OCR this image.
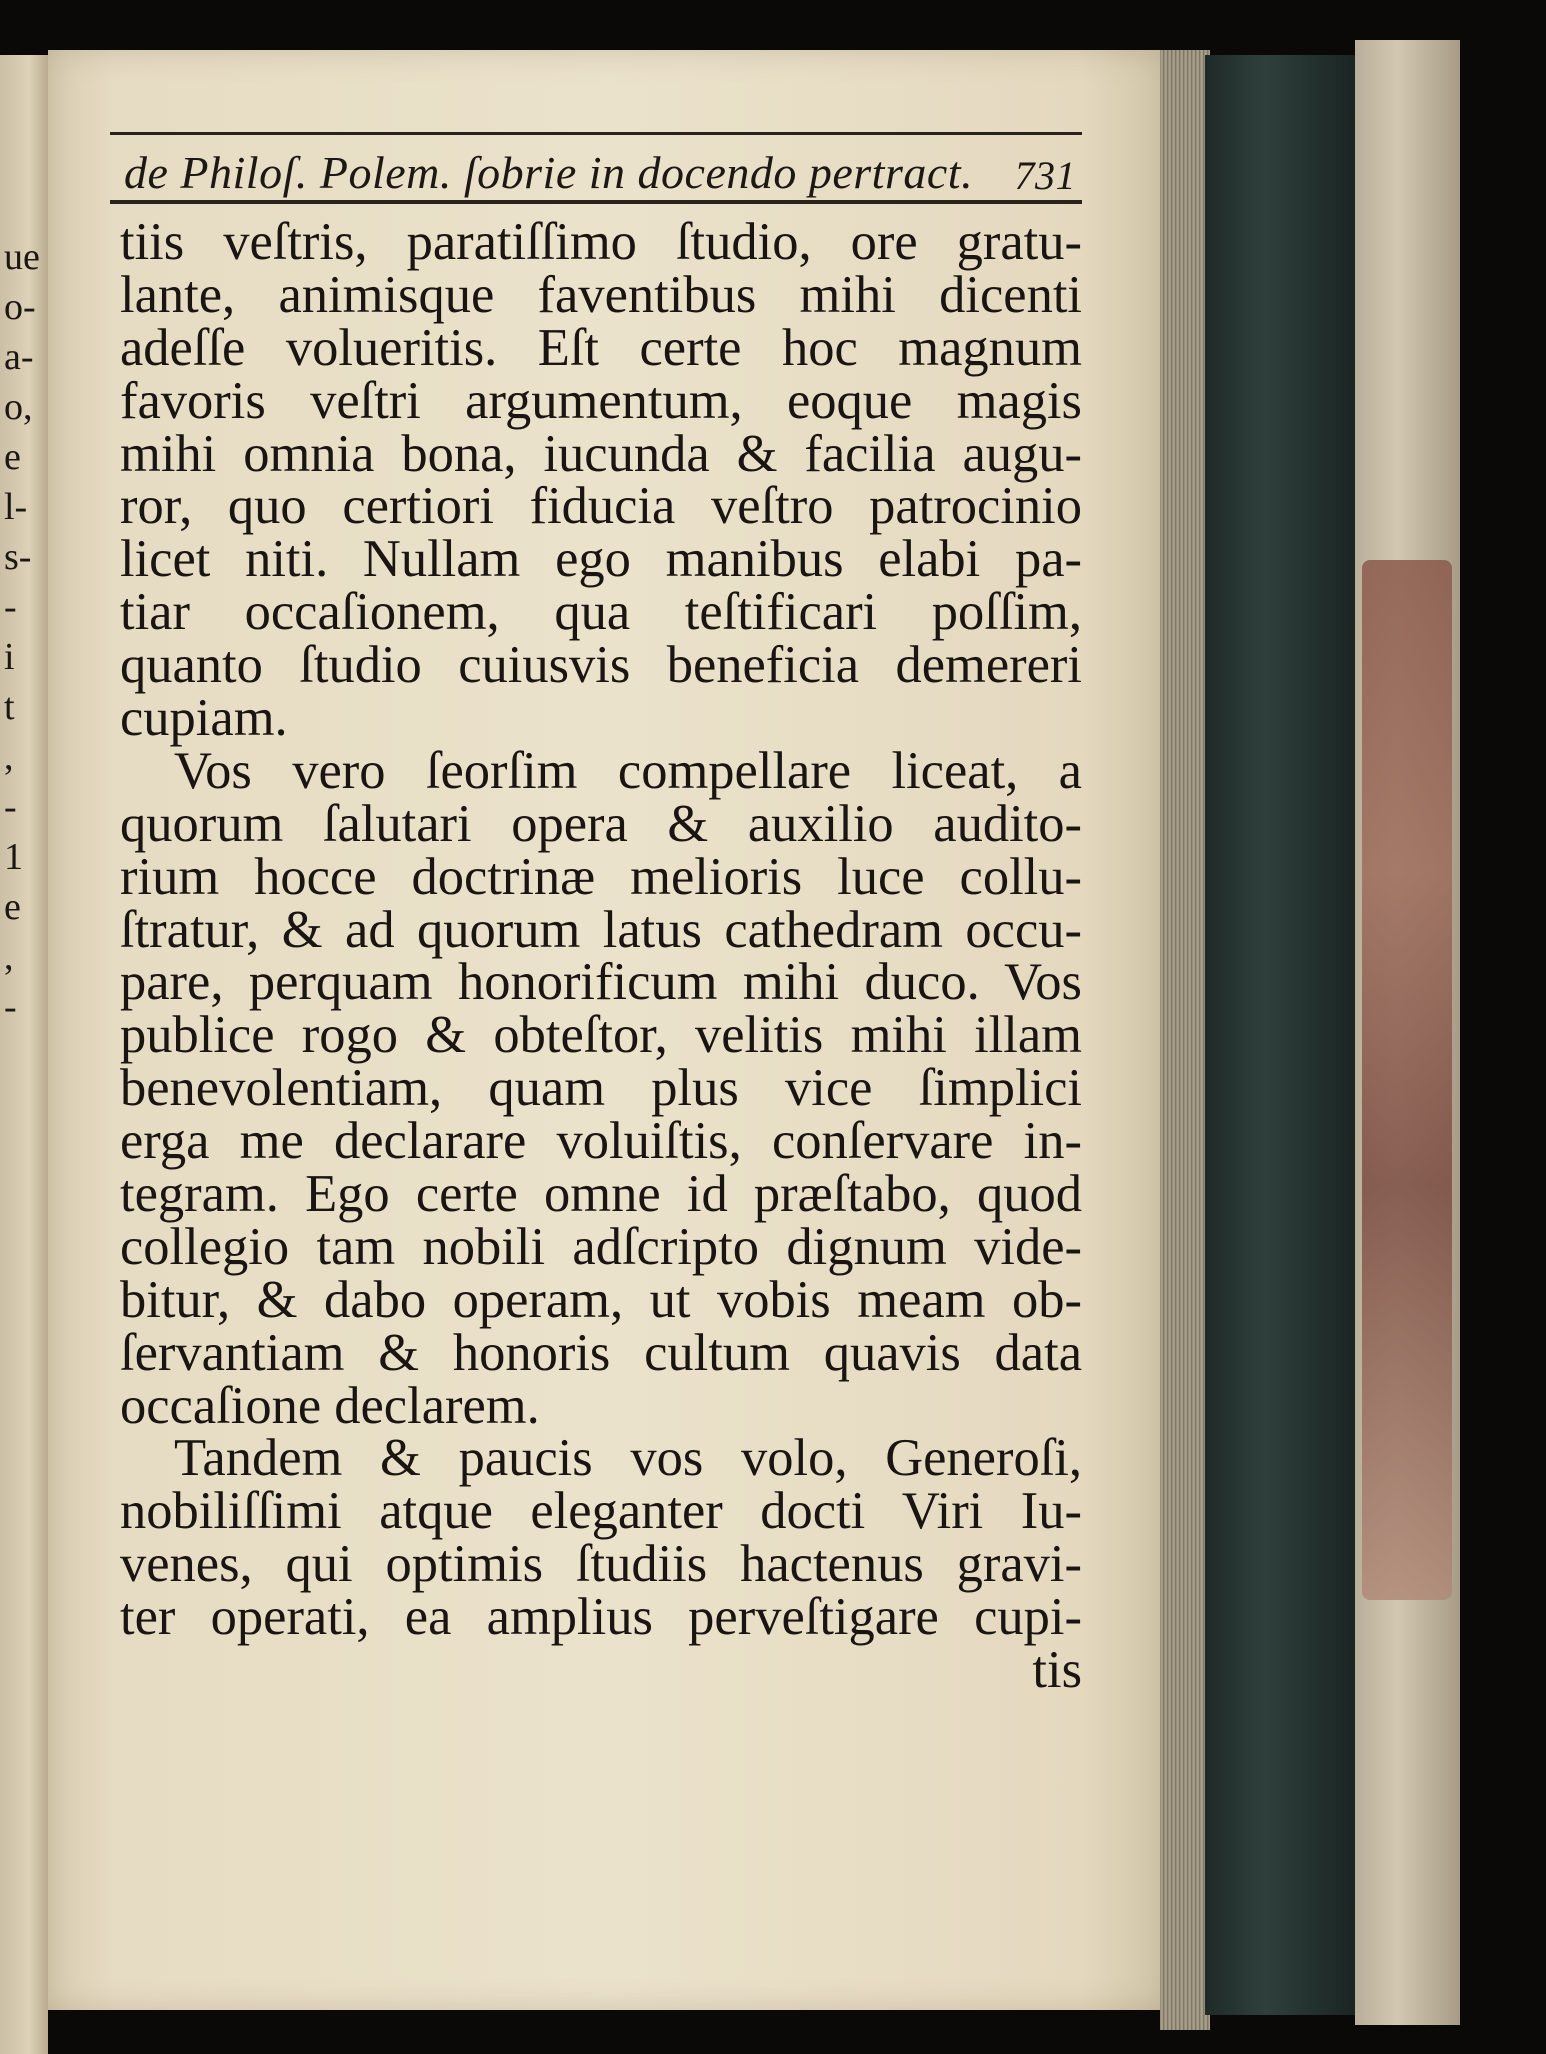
ue
o-
a-
o,
e
l-
s-
-
i
t
,
-
1
e
,
-
de Philoſ. Polem. ſobrie in docendo pertract. 731
tiis veſtris, paratiſſimo ſtudio, ore gratu-
lante, animisque faventibus mihi dicenti
adeſſe volueritis. Eſt certe hoc magnum
favoris veſtri argumentum, eoque magis
mihi omnia bona, iucunda & facilia augu-
ror, quo certiori fiducia veſtro patrocinio
licet niti. Nullam ego manibus elabi pa-
tiar occaſionem, qua teſtificari poſſim,
quanto ſtudio cuiusvis beneficia demereri
cupiam.
Vos vero ſeorſim compellare liceat, a
quorum ſalutari opera & auxilio audito-
rium hocce doctrinæ melioris luce collu-
ſtratur, & ad quorum latus cathedram occu-
pare, perquam honorificum mihi duco. Vos
publice rogo & obteſtor, velitis mihi illam
benevolentiam, quam plus vice ſimplici
erga me declarare voluiſtis, conſervare in-
tegram. Ego certe omne id præſtabo, quod
collegio tam nobili adſcripto dignum vide-
bitur, & dabo operam, ut vobis meam ob-
ſervantiam & honoris cultum quavis data
occaſione declarem.
Tandem & paucis vos volo, Generoſi,
nobiliſſimi atque eleganter docti Viri Iu-
venes, qui optimis ſtudiis hactenus gravi-
ter operati, ea amplius perveſtigare cupi-
tis
